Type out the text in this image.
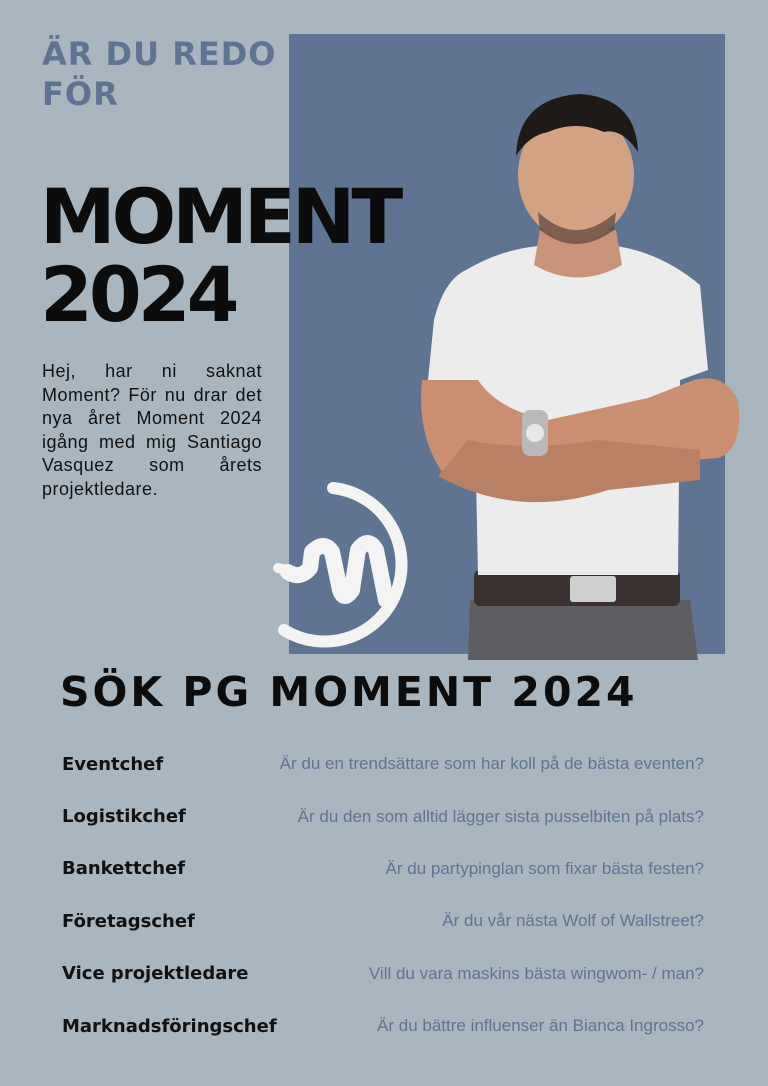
ÄR DU REDO FÖR
MOMENT
2024
Hej, har ni saknat Moment? För nu drar det nya året Moment 2024 igång med mig Santiago Vasquez som årets projektledare.
SÖK PG MOMENT 2024
Eventchef	Är du en trendsättare som har koll på de bästa eventen?
Logistikchef	Är du den som alltid lägger sista pusselbiten på plats?
Bankettchef	Är du partypinglan som fixar bästa festen?
Företagschef	Är du vår nästa Wolf of Wallstreet?
Vice projektledare	Vill du vara maskins bästa wingwom- / man?
Marknadsföringschef	Är du bättre influenser än Bianca Ingrosso?
